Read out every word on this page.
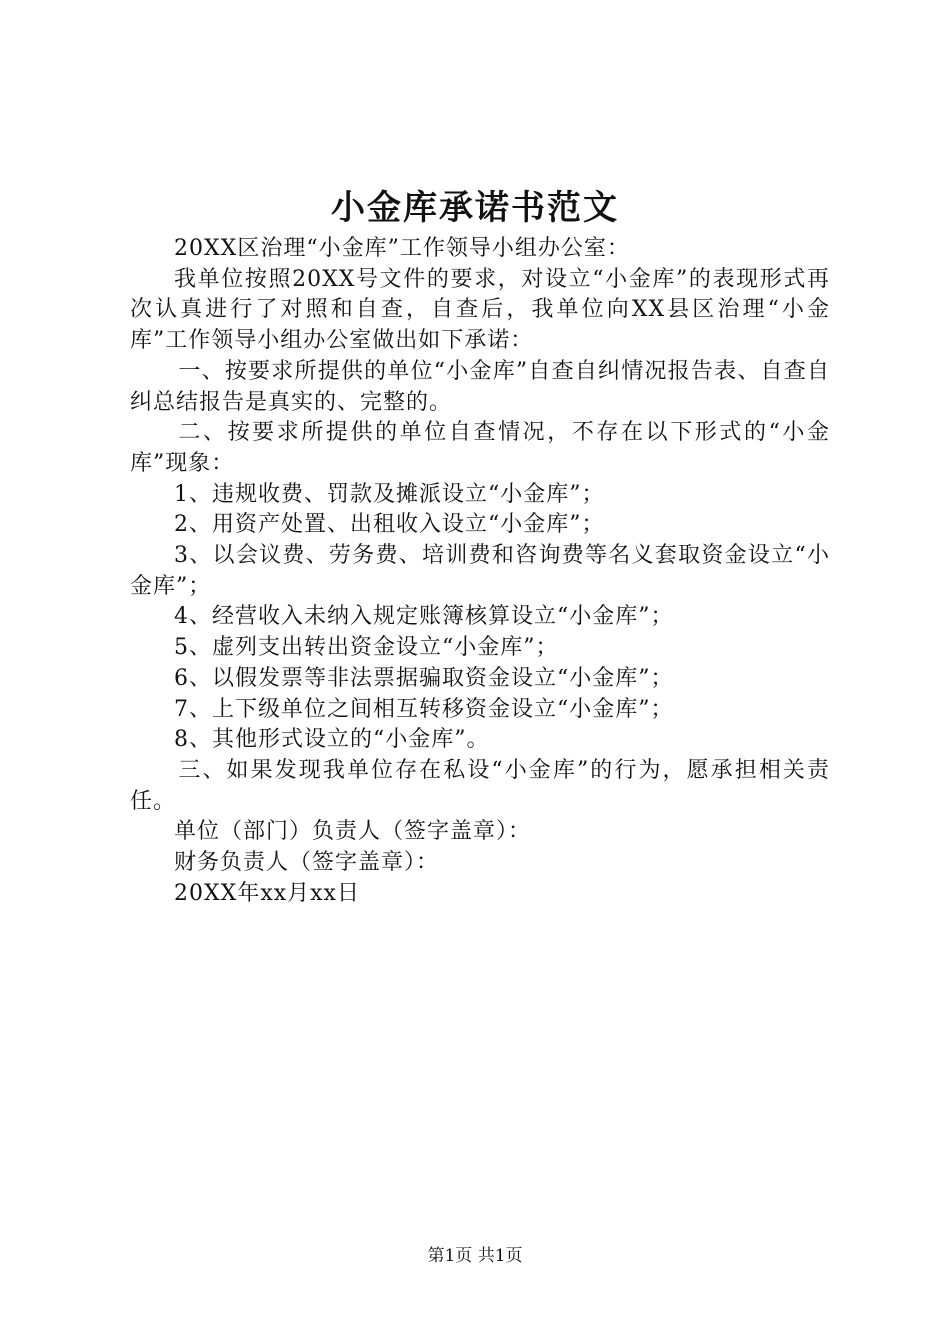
小金库承诺书范文

20XX区治理“小金库”工作领导小组办公室：

我单位按照20XX号文件的要求，对设立“小金库”的表现形式再次认真进行了对照和自查，自查后，我单位向XX县区治理“小金库”工作领导小组办公室做出如下承诺：

一、按要求所提供的单位“小金库”自查自纠情况报告表、自查自纠总结报告是真实的、完整的。

二、按要求所提供的单位自查情况，不存在以下形式的“小金库”现象：

1、违规收费、罚款及摊派设立“小金库”；

2、用资产处置、出租收入设立“小金库”；

3、以会议费、劳务费、培训费和咨询费等名义套取资金设立“小金库”；

4、经营收入未纳入规定账簿核算设立“小金库”；

5、虚列支出转出资金设立“小金库”；

6、以假发票等非法票据骗取资金设立“小金库”；

7、上下级单位之间相互转移资金设立“小金库”；

8、其他形式设立的“小金库”。

三、如果发现我单位存在私设“小金库”的行为，愿承担相关责任。

单位（部门）负责人（签字盖章）：

财务负责人（签字盖章）：

20XX年xx月xx日

第1页 共1页
